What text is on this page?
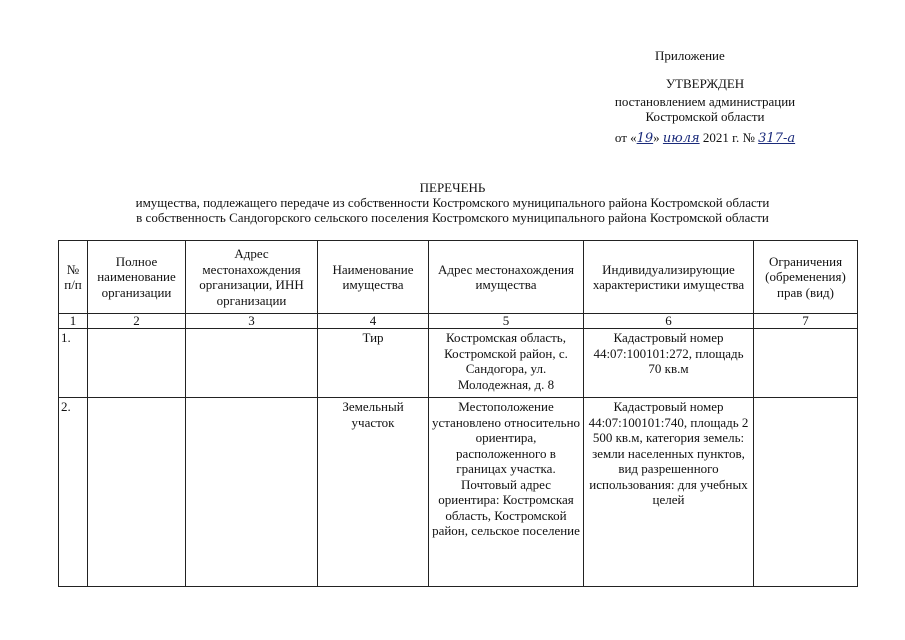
Приложение
УТВЕРЖДЕН
постановлением администрации
Костромской области
от «19» июля 2021 г. № 317-а
ПЕРЕЧЕНЬ
имущества, подлежащего передаче из собственности Костромского муниципального района Костромской области
в собственность Сандогорского сельского поселения Костромского муниципального района Костромской области
№ п/п	Полное наименование организации	Адрес местонахождения организации, ИНН организации	Наименование имущества	Адрес местонахождения имущества	Индивидуализирующие характеристики имущества	Ограничения (обременения) прав (вид)
1	2	3	4	5	6	7
1.			Тир	Костромская область, Костромской район, с. Сандогора, ул. Молодежная, д. 8	Кадастровый номер 44:07:100101:272, площадь 70 кв.м	
2.			Земельный участок	Местоположение установлено относительно ориентира, расположенного в границах участка. Почтовый адрес ориентира: Костромская область, Костромской район, сельское поселение	Кадастровый номер 44:07:100101:740, площадь 2 500 кв.м, категория земель: земли населенных пунктов, вид разрешенного использования: для учебных целей	
